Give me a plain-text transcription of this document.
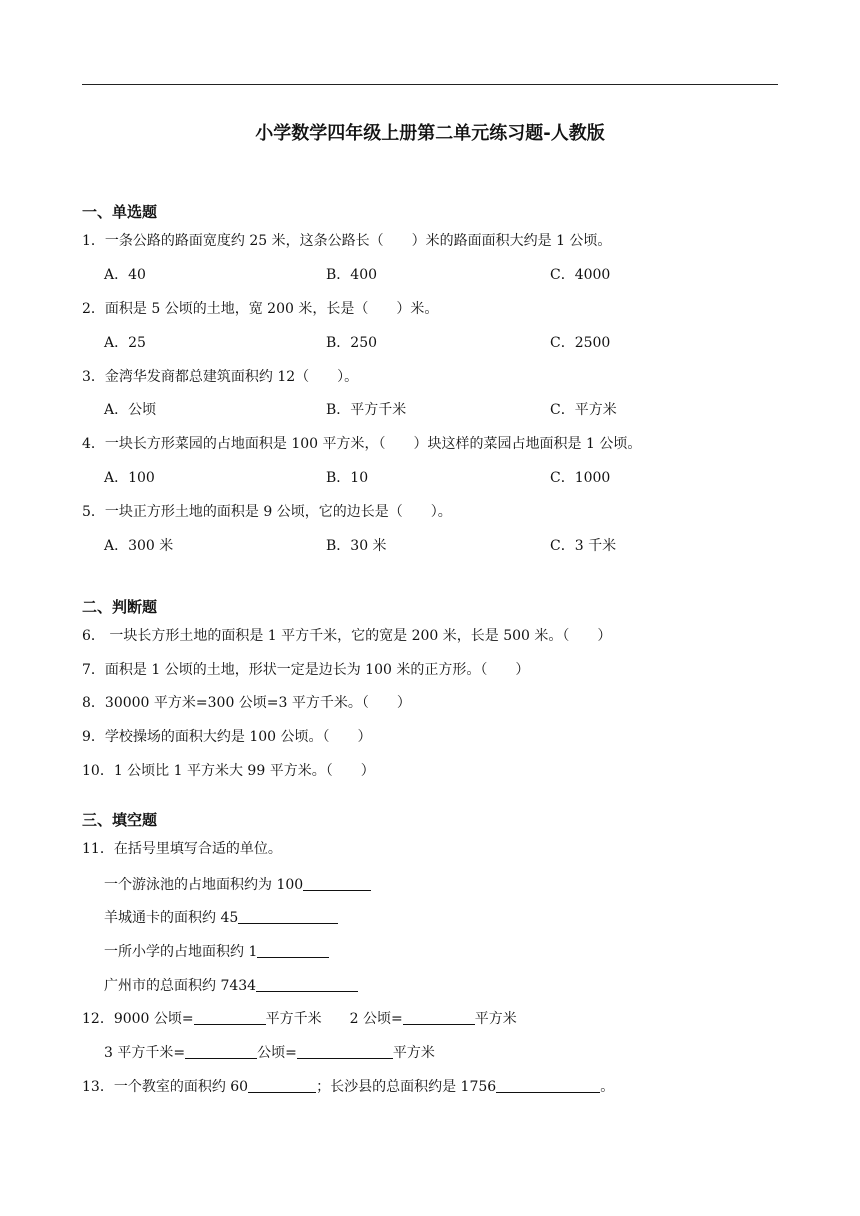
小学数学四年级上册第二单元练习题-人教版
一、单选题
1．一条公路的路面宽度约 25 米，这条公路长（　　）米的路面面积大约是 1 公顷。
A．40	B．400	C．4000
2．面积是 5 公顷的土地，宽 200 米，长是（　　）米。
A．25	B．250	C．2500
3．金湾华发商都总建筑面积约 12（　　）。
A．公顷	B．平方千米	C．平方米
4．一块长方形菜园的占地面积是 100 平方米，（　　）块这样的菜园占地面积是 1 公顷。
A．100	B．10	C．1000
5．一块正方形土地的面积是 9 公顷，它的边长是（　　）。
A．300 米	B．30 米	C．3 千米
二、判断题
6． 一块长方形土地的面积是 1 平方千米，它的宽是 200 米，长是 500 米。（　　）
7．面积是 1 公顷的土地，形状一定是边长为 100 米的正方形。（　　）
8．30000 平方米=300 公顷=3 平方千米。（　　）
9．学校操场的面积大约是 100 公顷。（　　）
10．1 公顷比 1 平方米大 99 平方米。（　　）
三、填空题
11．在括号里填写合适的单位。
一个游泳池的占地面积约为 100
羊城通卡的面积约 45
一所小学的占地面积约 1
广州市的总面积约 7434
12．9000 公顷=	平方千米 2 公顷=	平方米
3 平方千米=	公顷=	平方米
13．一个教室的面积约 60	；长沙县的总面积约是 1756	。
